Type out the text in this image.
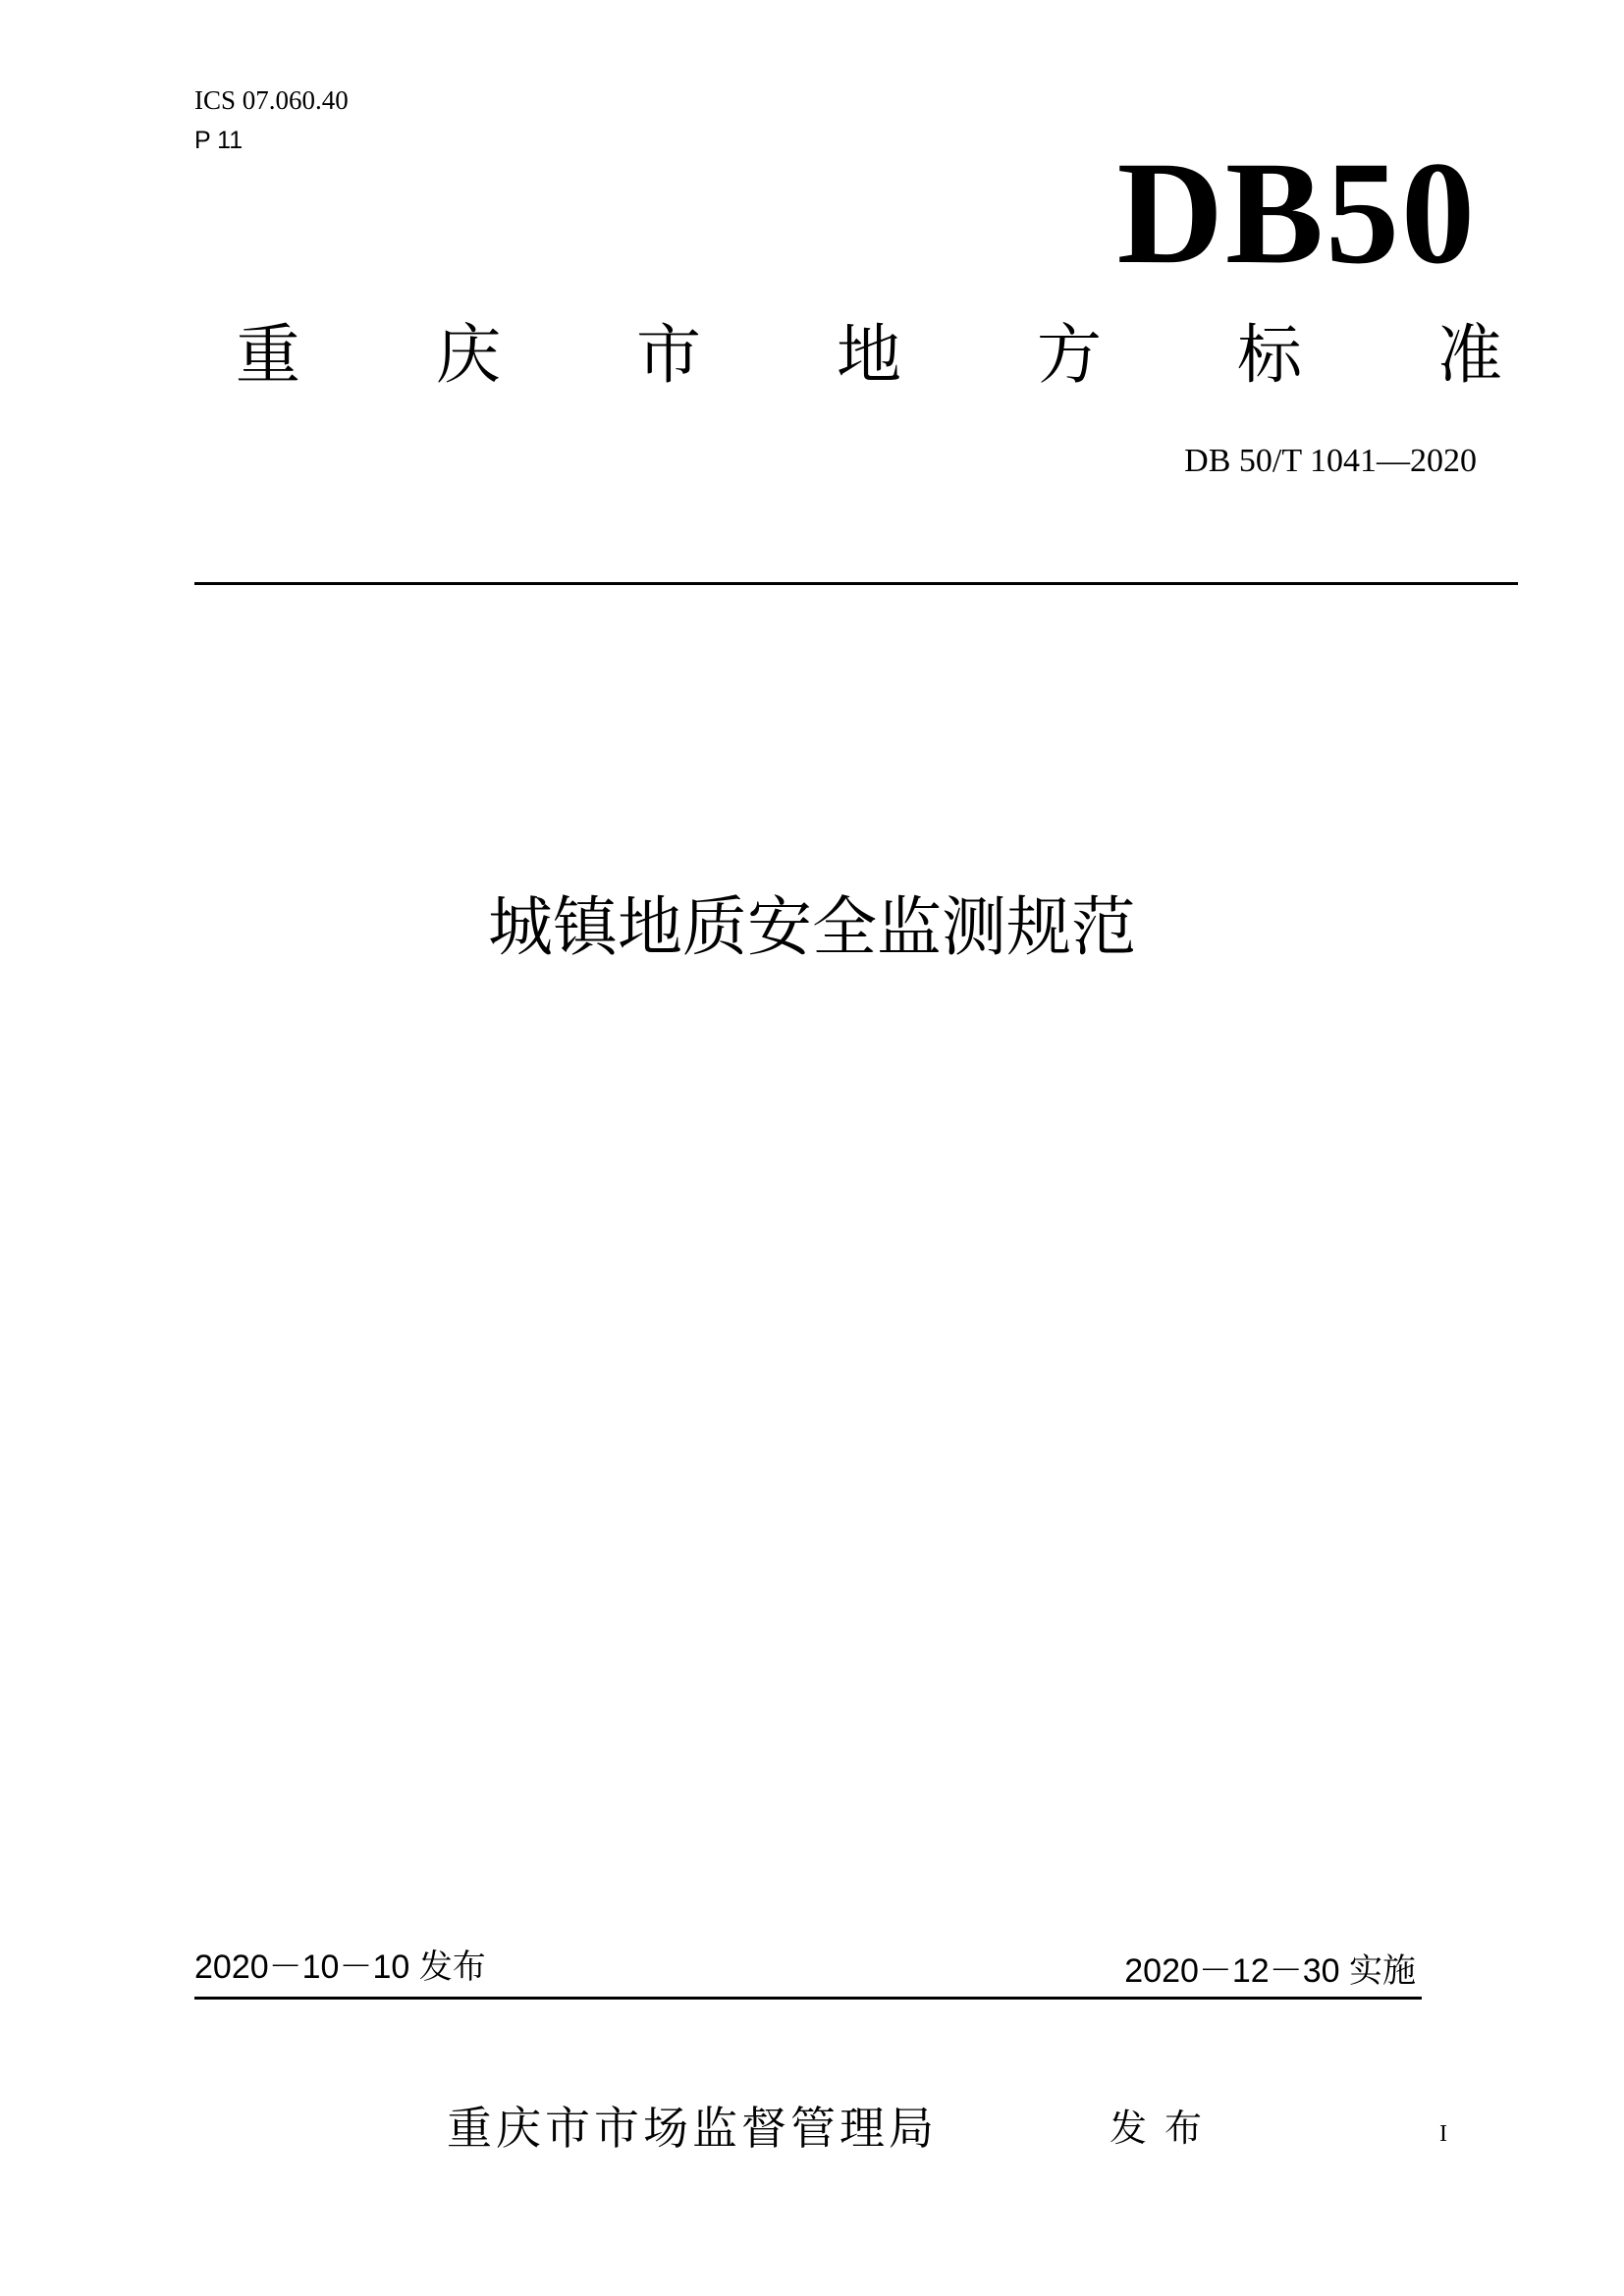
ICS 07.060.40
P 11	DB50
重 庆 市 地 方 标 准
DB 50/T 1041—2020
城镇地质安全监测规范
2020－10－10 发布	2020－12－30 实施
重庆市市场监督管理局	发布	I
